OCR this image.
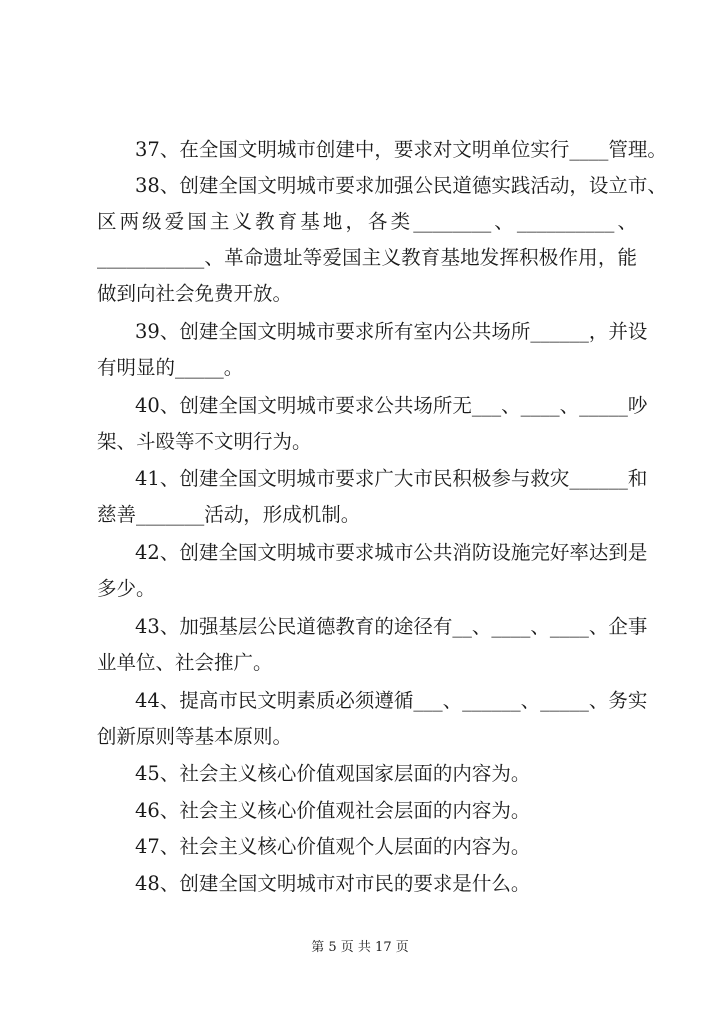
37、在全国文明城市创建中，要求对文明单位实行____管理。
38、创建全国文明城市要求加强公民道德实践活动，设立市、
区两级爱国主义教育基地，各类________、__________、
___________、革命遗址等爱国主义教育基地发挥积极作用，能
做到向社会免费开放。
39、创建全国文明城市要求所有室内公共场所______，并设
有明显的_____。
40、创建全国文明城市要求公共场所无___、____、_____吵
架、斗殴等不文明行为。
41、创建全国文明城市要求广大市民积极参与救灾______和
慈善_______活动，形成机制。
42、创建全国文明城市要求城市公共消防设施完好率达到是
多少。
43、加强基层公民道德教育的途径有__、____、____、企事
业单位、社会推广。
44、提高市民文明素质必须遵循___、______、_____、务实
创新原则等基本原则。
45、社会主义核心价值观国家层面的内容为。
46、社会主义核心价值观社会层面的内容为。
47、社会主义核心价值观个人层面的内容为。
48、创建全国文明城市对市民的要求是什么。
第 5 页 共 17 页
